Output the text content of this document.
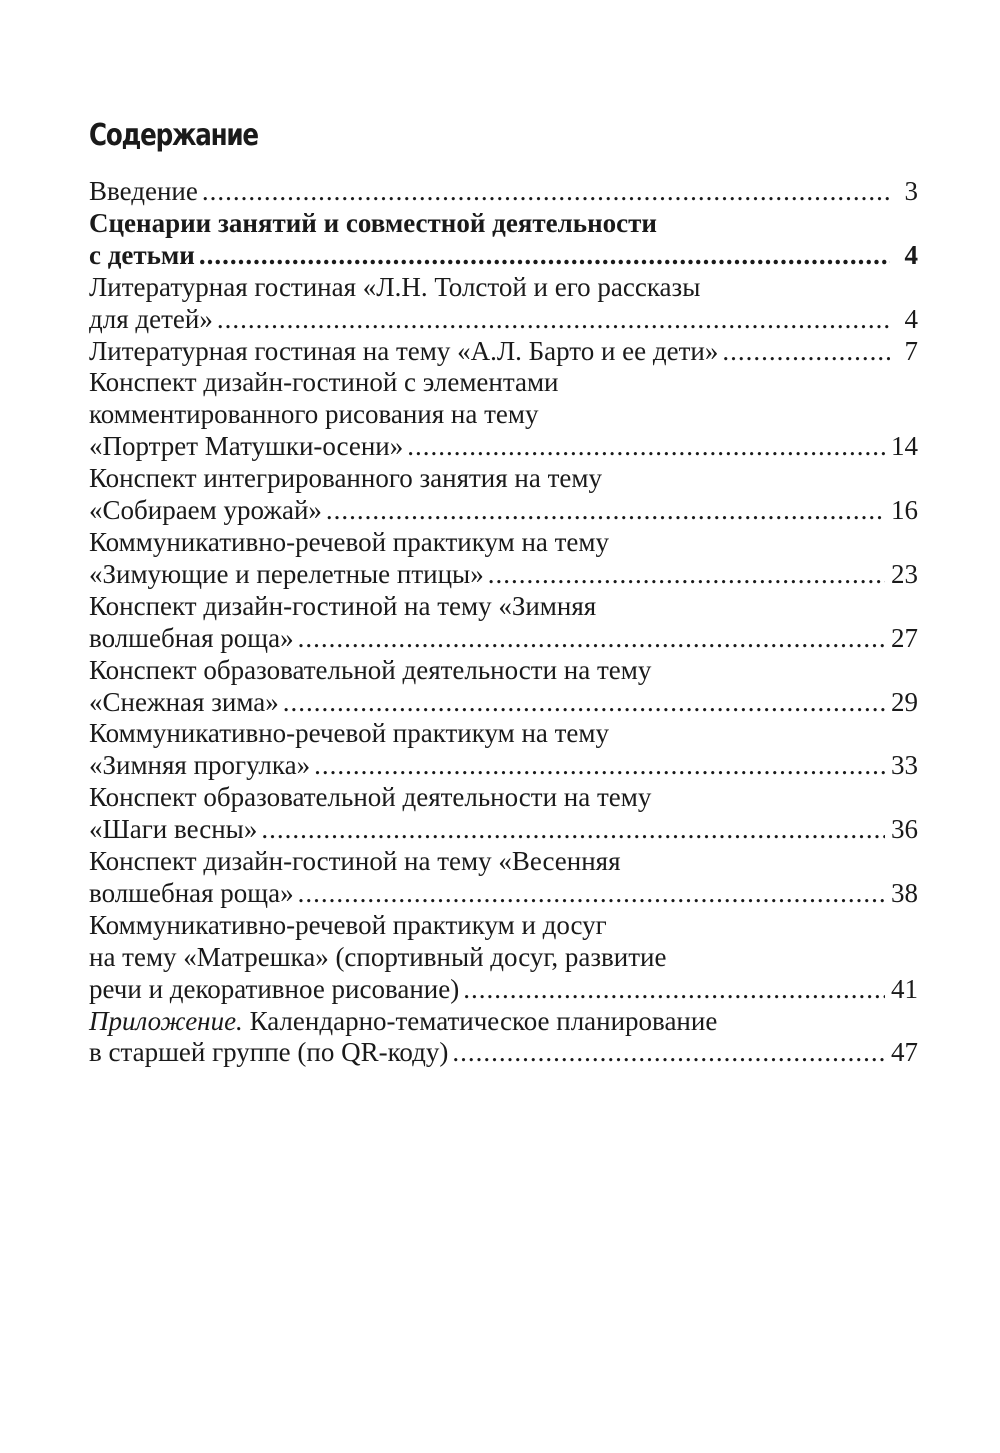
Содержание
Введение .....	3
Сценарии занятий и совместной деятельности
с детьми .....	4
Литературная гостиная «Л.Н. Толстой и его рассказы
для детей» .....	4
Литературная гостиная на тему «А.Л. Барто и ее дети» .....	7
Конспект дизайн-гостиной с элементами
комментированного рисования на тему
«Портрет Матушки-осени» .....	14
Конспект интегрированного занятия на тему
«Собираем урожай» .....	16
Коммуникативно-речевой практикум на тему
«Зимующие и перелетные птицы» .....	23
Конспект дизайн-гостиной на тему «Зимняя
волшебная роща» .....	27
Конспект образовательной деятельности на тему
«Снежная зима» .....	29
Коммуникативно-речевой практикум на тему
«Зимняя прогулка» .....	33
Конспект образовательной деятельности на тему
«Шаги весны» .....	36
Конспект дизайн-гостиной на тему «Весенняя
волшебная роща» .....	38
Коммуникативно-речевой практикум и досуг
на тему «Матрешка» (спортивный досуг, развитие
речи и декоративное рисование) .....	41
Приложение. Календарно-тематическое планирование
в старшей группе (по QR-коду) .....	47
